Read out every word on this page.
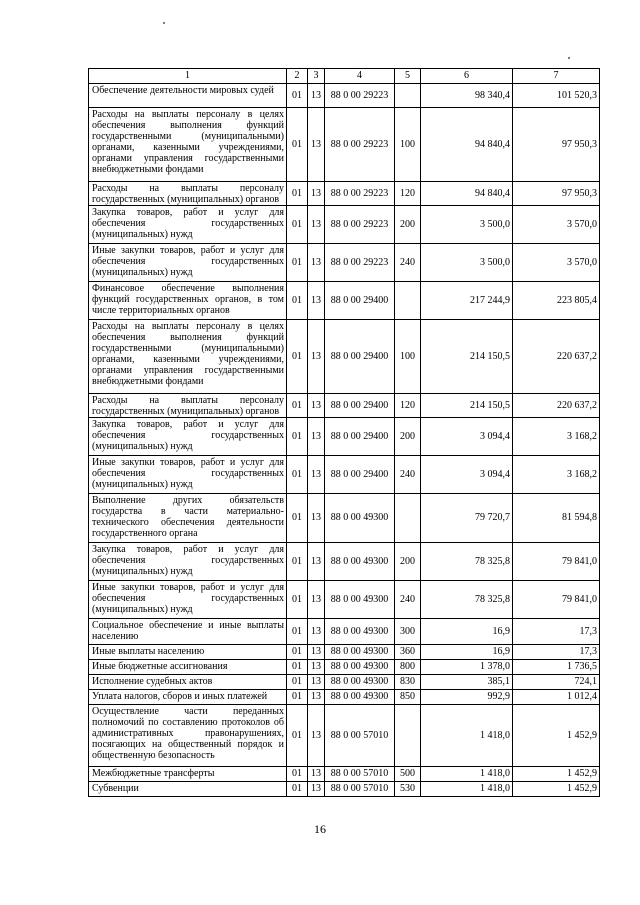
1	2	3	4	5	6	7
Обеспечение деятельности мировых судей	01	13	88 0 00 29223		98 340,4	101 520,3
Расходы на выплаты персоналу в целях обеспечения выполнения функций государственными (муниципальными) органами, казенными учреждениями, органами управления государственными внебюджетными фондами	01	13	88 0 00 29223	100	94 840,4	97 950,3
Расходы на выплаты персоналу государственных (муниципальных) органов	01	13	88 0 00 29223	120	94 840,4	97 950,3
Закупка товаров, работ и услуг для обеспечения государственных (муниципальных) нужд	01	13	88 0 00 29223	200	3 500,0	3 570,0
Иные закупки товаров, работ и услуг для обеспечения государственных (муниципальных) нужд	01	13	88 0 00 29223	240	3 500,0	3 570,0
Финансовое обеспечение выполнения функций государственных органов, в том числе территориальных органов	01	13	88 0 00 29400		217 244,9	223 805,4
Расходы на выплаты персоналу в целях обеспечения выполнения функций государственными (муниципальными) органами, казенными учреждениями, органами управления государственными внебюджетными фондами	01	13	88 0 00 29400	100	214 150,5	220 637,2
Расходы на выплаты персоналу государственных (муниципальных) органов	01	13	88 0 00 29400	120	214 150,5	220 637,2
Закупка товаров, работ и услуг для обеспечения государственных (муниципальных) нужд	01	13	88 0 00 29400	200	3 094,4	3 168,2
Иные закупки товаров, работ и услуг для обеспечения государственных (муниципальных) нужд	01	13	88 0 00 29400	240	3 094,4	3 168,2
Выполнение других обязательств государства в части материально-технического обеспечения деятельности государственного органа	01	13	88 0 00 49300		79 720,7	81 594,8
Закупка товаров, работ и услуг для обеспечения государственных (муниципальных) нужд	01	13	88 0 00 49300	200	78 325,8	79 841,0
Иные закупки товаров, работ и услуг для обеспечения государственных (муниципальных) нужд	01	13	88 0 00 49300	240	78 325,8	79 841,0
Социальное обеспечение и иные выплаты населению	01	13	88 0 00 49300	300	16,9	17,3
Иные выплаты населению	01	13	88 0 00 49300	360	16,9	17,3
Иные бюджетные ассигнования	01	13	88 0 00 49300	800	1 378,0	1 736,5
Исполнение судебных актов	01	13	88 0 00 49300	830	385,1	724,1
Уплата налогов, сборов и иных платежей	01	13	88 0 00 49300	850	992,9	1 012,4
Осуществление части переданных полномочий по составлению протоколов об административных правонарушениях, посягающих на общественный порядок и общественную безопасность	01	13	88 0 00 57010		1 418,0	1 452,9
Межбюджетные трансферты	01	13	88 0 00 57010	500	1 418,0	1 452,9
Субвенции	01	13	88 0 00 57010	530	1 418,0	1 452,9
16
